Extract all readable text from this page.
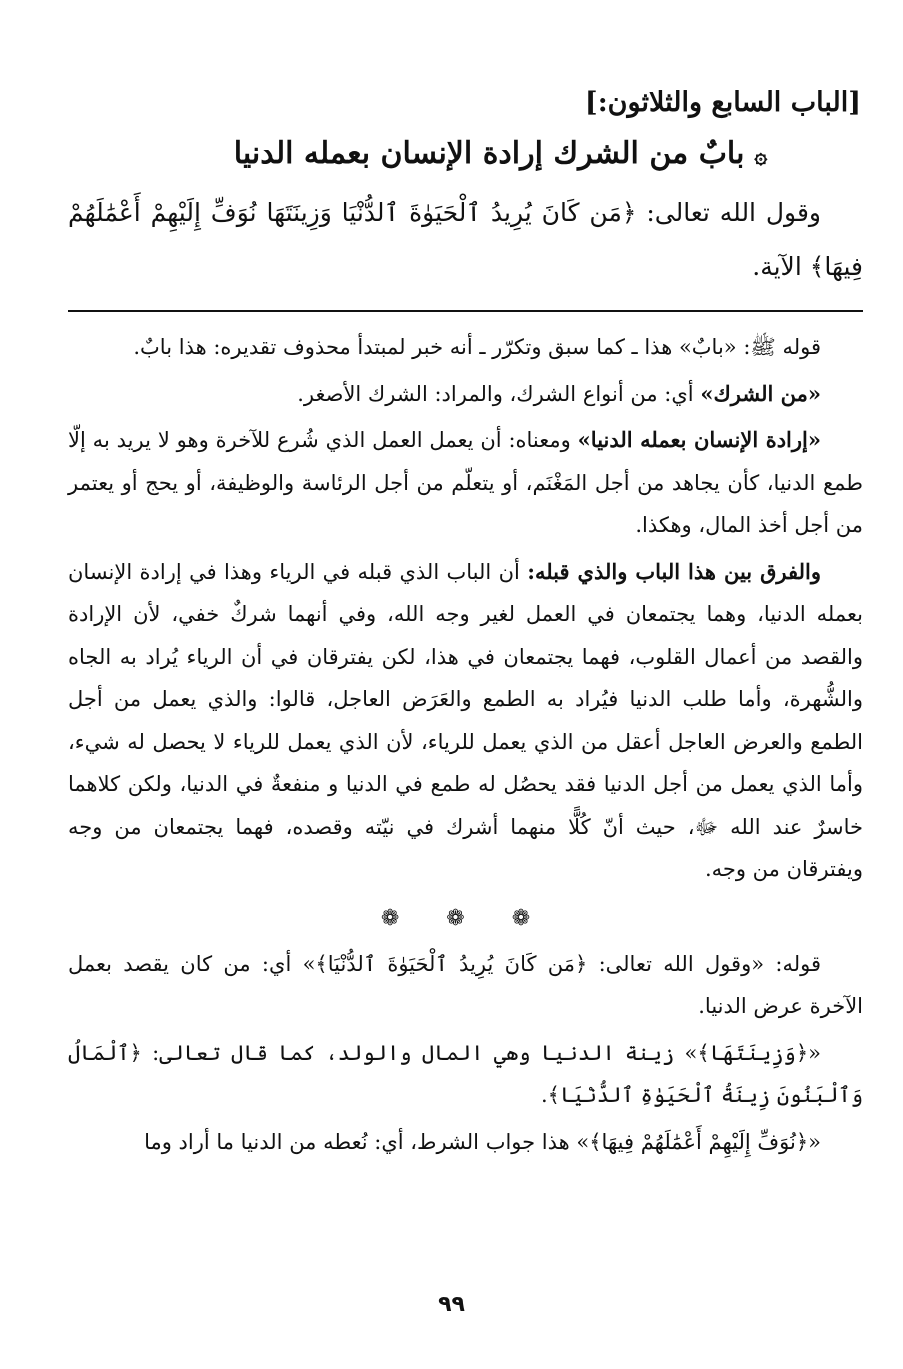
[الباب السابع والثلاثون:]

۞بابٌ من الشرك إرادة الإنسان بعمله الدنيا

وقول الله تعالى: ﴿مَن كَانَ يُرِيدُ ٱلْحَيَوٰةَ ٱلدُّنْيَا وَزِينَتَهَا نُوَفِّ إِلَيْهِمْ أَعْمَٰلَهُمْ فِيهَا﴾ الآية.

قوله ﷺ: «بابٌ» هذا ـ كما سبق وتكرّر ـ أنه خبر لمبتدأ محذوف تقديره: هذا بابٌ.

«من الشرك» أي: من أنواع الشرك، والمراد: الشرك الأصغر.

«إرادة الإنسان بعمله الدنيا» ومعناه: أن يعمل العمل الذي شُرع للآخرة وهو لا يريد به إلّا طمع الدنيا، كأن يجاهد من أجل المَغْنَم، أو يتعلّم من أجل الرئاسة والوظيفة، أو يحج أو يعتمر من أجل أخذ المال، وهكذا.

والفرق بين هذا الباب والذي قبله: أن الباب الذي قبله في الرياء وهذا في إرادة الإنسان بعمله الدنيا، وهما يجتمعان في العمل لغير وجه الله، وفي أنهما شركٌ خفي، لأن الإرادة والقصد من أعمال القلوب، فهما يجتمعان في هذا، لكن يفترقان في أن الرياء يُراد به الجاه والشُّهرة، وأما طلب الدنيا فيُراد به الطمع والعَرَض العاجل، قالوا: والذي يعمل من أجل الطمع والعرض العاجل أعقل من الذي يعمل للرياء، لأن الذي يعمل للرياء لا يحصل له شيء، وأما الذي يعمل من أجل الدنيا فقد يحصُل له طمع في الدنيا و منفعةٌ في الدنيا، ولكن كلاهما خاسرٌ عند الله ﷻ، حيث أنّ كُلًّا منهما أشرك في نيّته وقصده، فهما يجتمعان من وجه ويفترقان من وجه.

❁ ❁ ❁

قوله: «وقول الله تعالى: ﴿مَن كَانَ يُرِيدُ ٱلْحَيَوٰةَ ٱلدُّنْيَا﴾» أي: من كان يقصد بعمل الآخرة عرض الدنيا.

«﴿وَزِينَتَهَا﴾» زينة الدنيا وهي المال والولد، كما قال تعالى: ﴿ٱلْمَالُ وَٱلْبَنُونَ زِينَةُ ٱلْحَيَوٰةِ ٱلدُّنْيَا﴾.

«﴿نُوَفِّ إِلَيْهِمْ أَعْمَٰلَهُمْ فِيهَا﴾» هذا جواب الشرط، أي: نُعطه من الدنيا ما أراد وما

٩٩
